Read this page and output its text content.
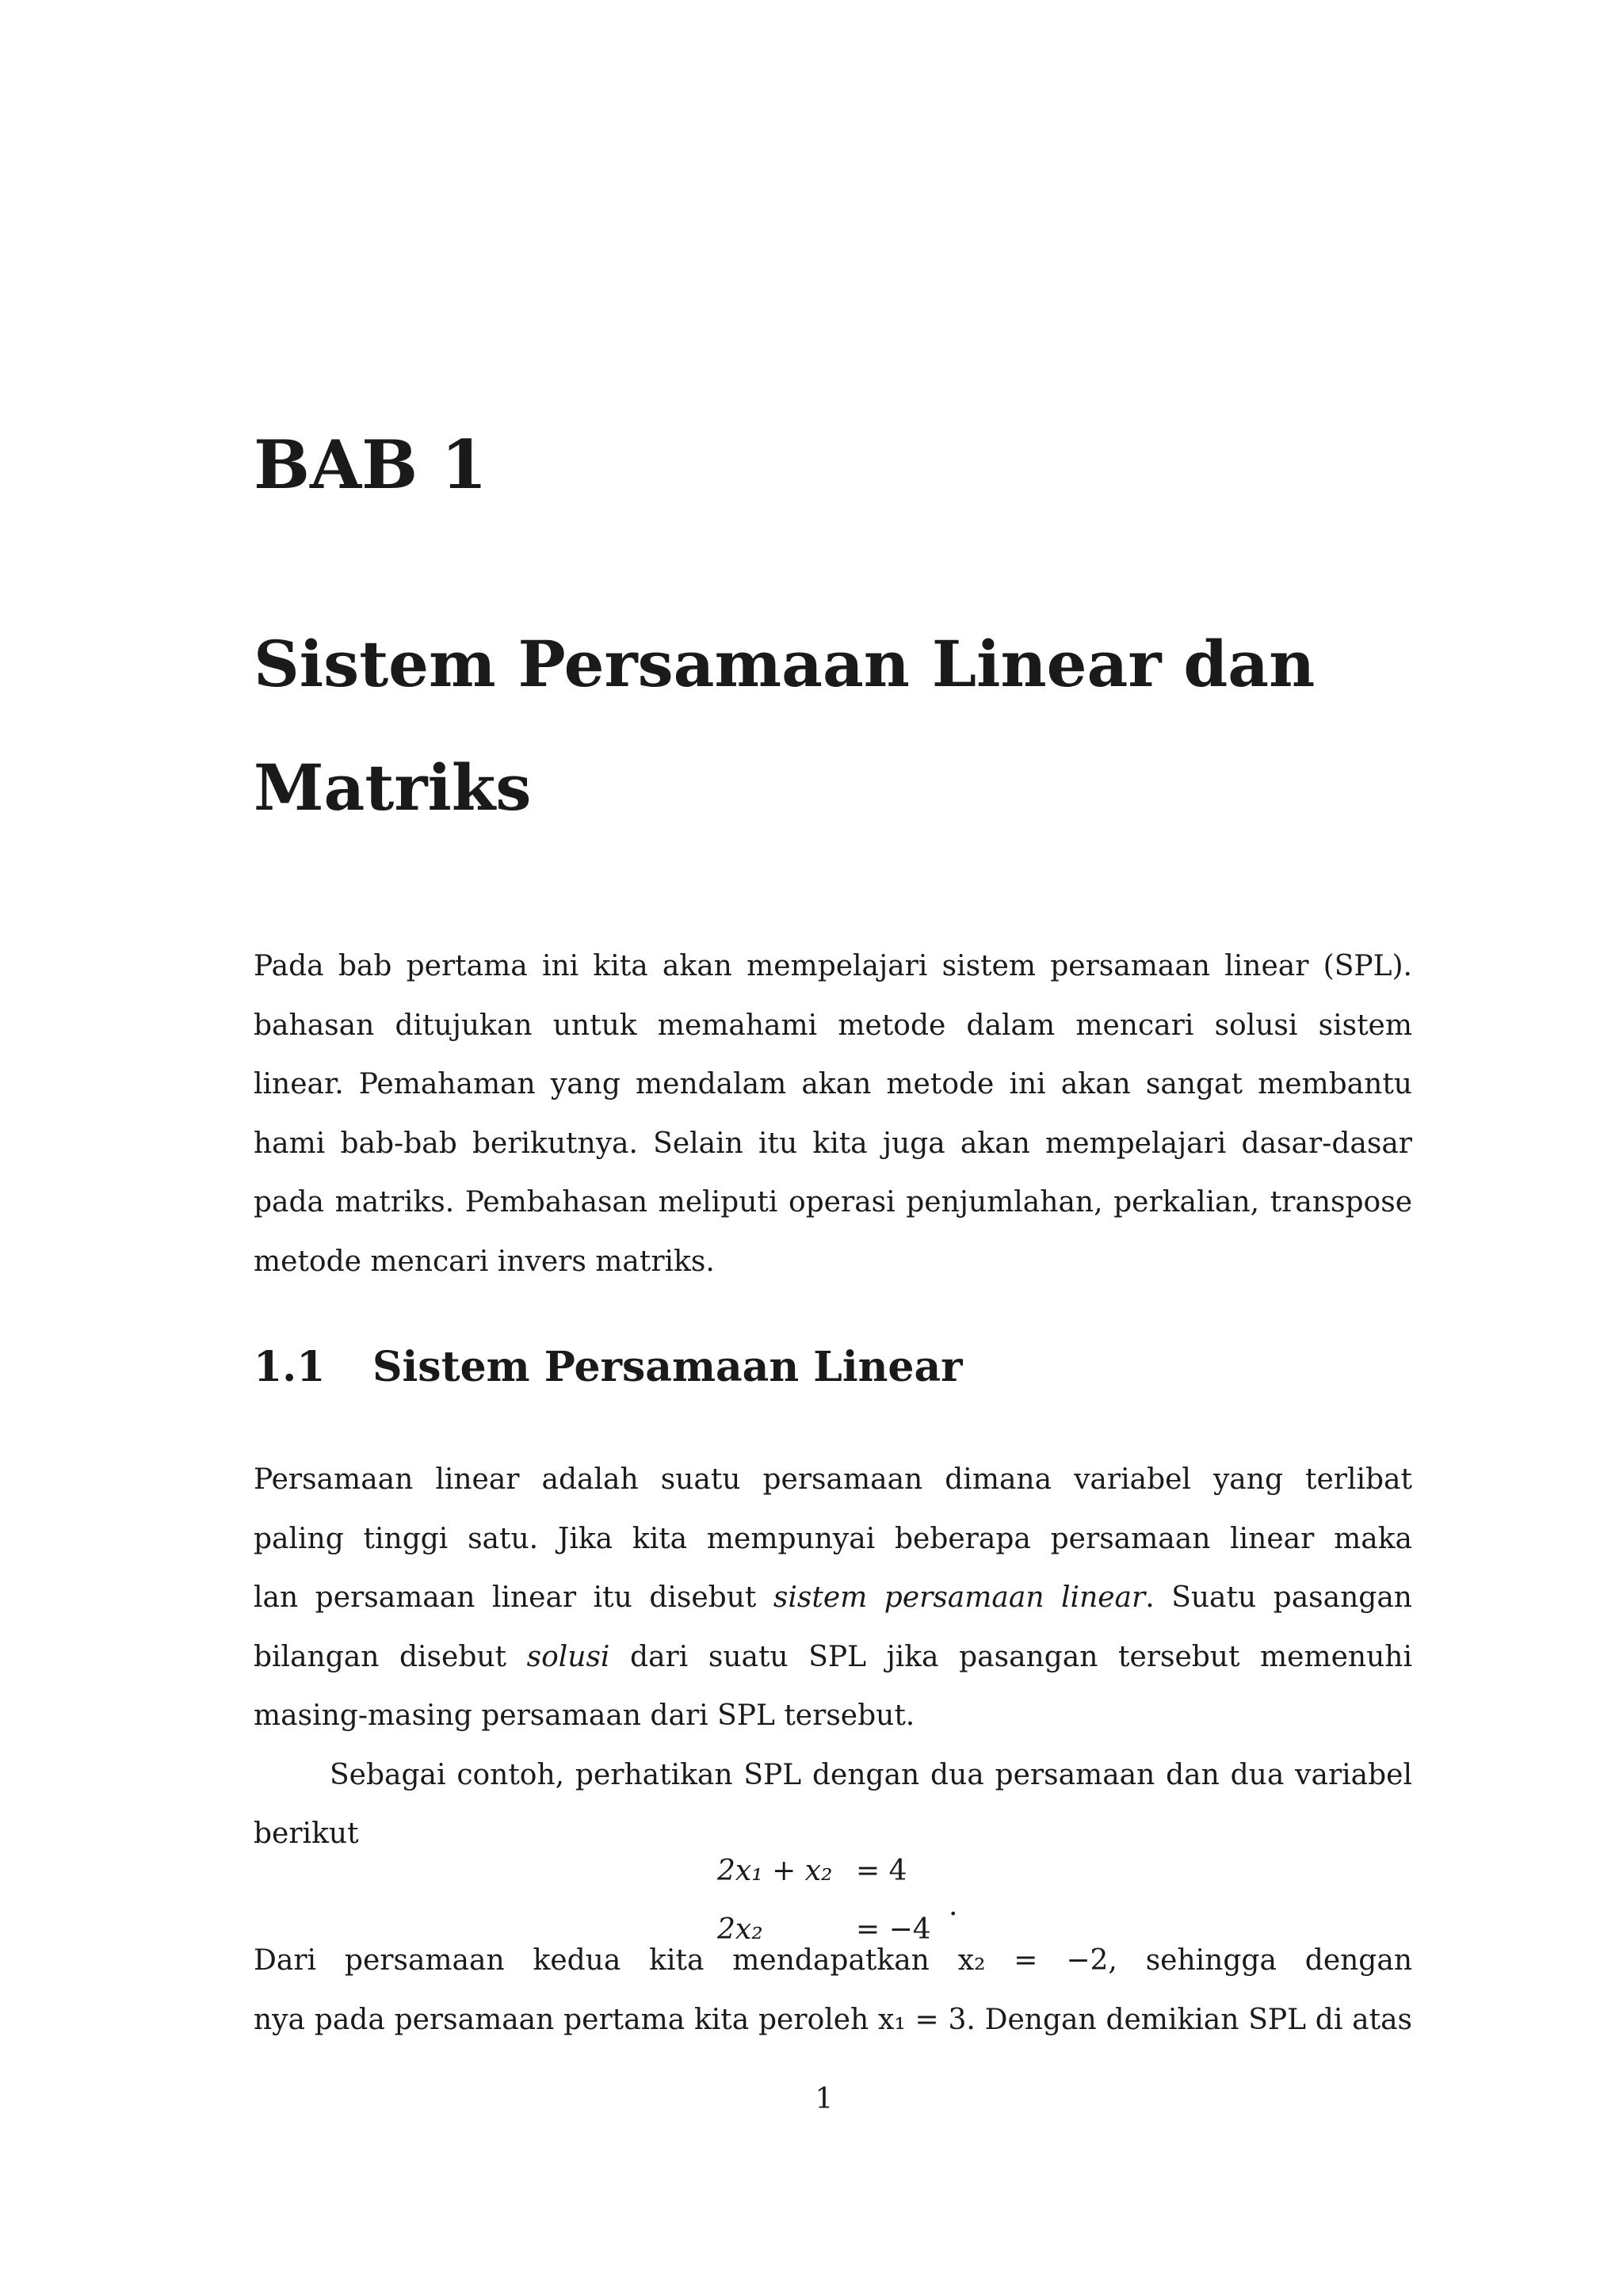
BAB 1
Sistem Persamaan Linear dan
Matriks
Pada bab pertama ini kita akan mempelajari sistem persamaan linear (SPL).
bahasan ditujukan untuk memahami metode dalam mencari solusi sistem
linear. Pemahaman yang mendalam akan metode ini akan sangat membantu
hami bab-bab berikutnya. Selain itu kita juga akan mempelajari dasar-dasar
pada matriks. Pembahasan meliputi operasi penjumlahan, perkalian, transpose
metode mencari invers matriks.
1.1 Sistem Persamaan Linear
Persamaan linear adalah suatu persamaan dimana variabel yang terlibat
paling tinggi satu. Jika kita mempunyai beberapa persamaan linear maka
lan persamaan linear itu disebut sistem persamaan linear. Suatu pasangan
bilangan disebut solusi dari suatu SPL jika pasangan tersebut memenuhi
masing-masing persamaan dari SPL tersebut.
Sebagai contoh, perhatikan SPL dengan dua persamaan dan dua variabel
berikut
2x₁ + x₂ = 4
2x₂	= −4
.
Dari persamaan kedua kita mendapatkan x₂ = −2, sehingga dengan
nya pada persamaan pertama kita peroleh x₁ = 3. Dengan demikian SPL di atas
1
